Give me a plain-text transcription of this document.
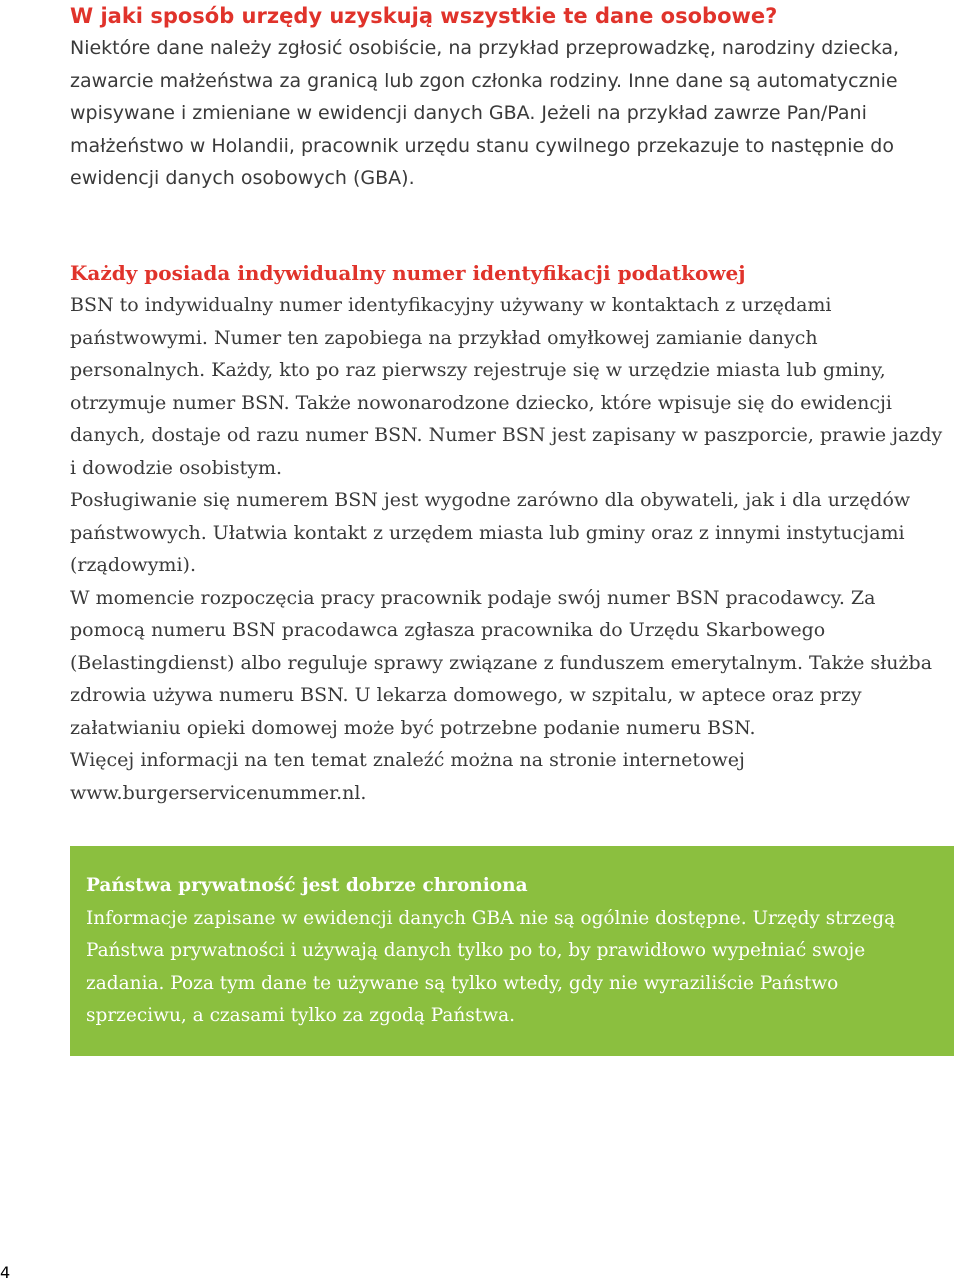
W jaki sposób urzędy uzyskują wszystkie te dane osobowe?

Niektóre dane należy zgłosić osobiście, na przykład przeprowadzkę, narodziny dziecka, zawarcie małżeństwa za granicą lub zgon członka rodziny. Inne dane są automatycznie wpisywane i zmieniane w ewidencji danych GBA. Jeżeli na przykład zawrze Pan/Pani małżeństwo w Holandii, pracownik urzędu stanu cywilnego przekazuje to następnie do ewidencji danych osobowych (GBA).

Każdy posiada indywidualny numer identyfikacji podatkowej

BSN to indywidualny numer identyfikacyjny używany w kontaktach z urzędami państwowymi. Numer ten zapobiega na przykład omyłkowej zamianie danych personalnych. Każdy, kto po raz pierwszy rejestruje się w urzędzie miasta lub gminy, otrzymuje numer BSN. Także nowonarodzone dziecko, które wpisuje się do ewidencji danych, dostaje od razu numer BSN. Numer BSN jest zapisany w paszporcie, prawie jazdy i dowodzie osobistym.

Posługiwanie się numerem BSN jest wygodne zarówno dla obywateli, jak i dla urzędów państwowych. Ułatwia kontakt z urzędem miasta lub gminy oraz z innymi instytucjami (rządowymi).

W momencie rozpoczęcia pracy pracownik podaje swój numer BSN pracodawcy. Za pomocą numeru BSN pracodawca zgłasza pracownika do Urzędu Skarbowego (Belastingdienst) albo reguluje sprawy związane z funduszem emerytalnym. Także służba zdrowia używa numeru BSN. U lekarza domowego, w szpitalu, w aptece oraz przy załatwianiu opieki domowej może być potrzebne podanie numeru BSN.

Więcej informacji na ten temat znaleźć można na stronie internetowej www.burgerservicenummer.nl.

Państwa prywatność jest dobrze chroniona

Informacje zapisane w ewidencji danych GBA nie są ogólnie dostępne. Urzędy strzegą Państwa prywatności i używają danych tylko po to, by prawidłowo wypełniać swoje zadania. Poza tym dane te używane są tylko wtedy, gdy nie wyraziliście Państwo sprzeciwu, a czasami tylko za zgodą Państwa.

4
